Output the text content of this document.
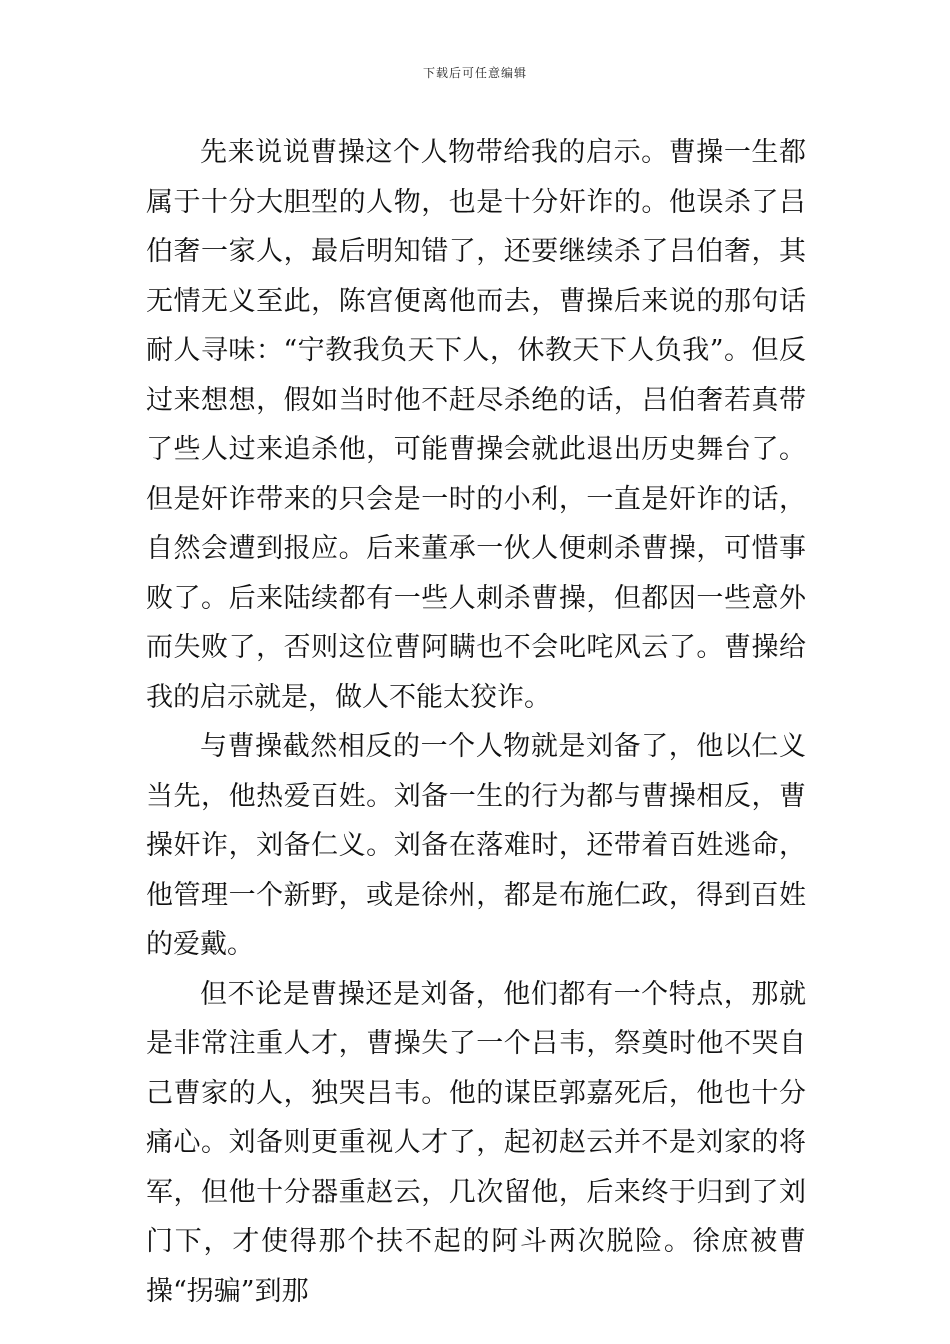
下载后可任意编辑

先来说说曹操这个人物带给我的启示。曹操一生都属于十分大胆型的人物，也是十分奸诈的。他误杀了吕伯奢一家人，最后明知错了，还要继续杀了吕伯奢，其无情无义至此，陈宫便离他而去，曹操后来说的那句话耐人寻味：“宁教我负天下人，休教天下人负我”。但反过来想想，假如当时他不赶尽杀绝的话，吕伯奢若真带了些人过来追杀他，可能曹操会就此退出历史舞台了。但是奸诈带来的只会是一时的小利，一直是奸诈的话，自然会遭到报应。后来董承一伙人便刺杀曹操，可惜事败了。后来陆续都有一些人刺杀曹操，但都因一些意外而失败了，否则这位曹阿瞒也不会叱咤风云了。曹操给我的启示就是，做人不能太狡诈。

与曹操截然相反的一个人物就是刘备了，他以仁义当先，他热爱百姓。刘备一生的行为都与曹操相反，曹操奸诈，刘备仁义。刘备在落难时，还带着百姓逃命，他管理一个新野，或是徐州，都是布施仁政，得到百姓的爱戴。

但不论是曹操还是刘备，他们都有一个特点，那就是非常注重人才，曹操失了一个吕韦，祭奠时他不哭自己曹家的人，独哭吕韦。他的谋臣郭嘉死后，他也十分痛心。刘备则更重视人才了，起初赵云并不是刘家的将军，但他十分器重赵云，几次留他，后来终于归到了刘门下，才使得那个扶不起的阿斗两次脱险。徐庶被曹操“拐骗”到那
